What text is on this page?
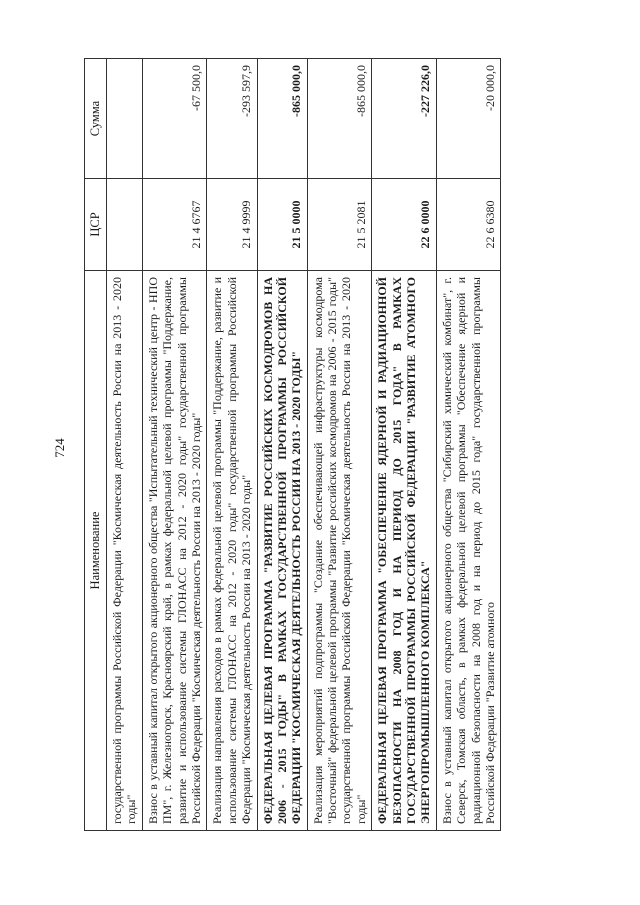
724
Наименование	ЦСР	Сумма
государственной программы Российской Федерации "Космическая деятельность России на 2013 - 2020 годы"		
Взнос в уставный капитал открытого акционерного общества "Испытательный технический центр - НПО ПМ", г. Железногорск, Красноярский край, в рамках федеральной целевой программы "Поддержание, развитие и использование системы ГЛОНАСС на 2012 - 2020 годы" государственной программы Российской Федерации "Космическая деятельность России на 2013 - 2020 годы"	21 4 6767	-67 500,0
Реализация направления расходов в рамках федеральной целевой программы "Поддержание, развитие и использование системы ГЛОНАСС на 2012 - 2020 годы" государственной программы Российской Федерации "Космическая деятельность России на 2013 - 2020 годы"	21 4 9999	-293 597,9
ФЕДЕРАЛЬНАЯ ЦЕЛЕВАЯ ПРОГРАММА "РАЗВИТИЕ РОССИЙСКИХ КОСМОДРОМОВ НА 2006 - 2015 ГОДЫ" В РАМКАХ ГОСУДАРСТВЕННОЙ ПРОГРАММЫ РОССИЙСКОЙ ФЕДЕРАЦИИ "КОСМИЧЕСКАЯ ДЕЯТЕЛЬНОСТЬ РОССИИ НА 2013 - 2020 ГОДЫ"	21 5 0000	-865 000,0
Реализация мероприятий подпрограммы "Создание обеспечивающей инфраструктуры космодрома "Восточный" федеральной целевой программы "Развитие российских космодромов на 2006 - 2015 годы" государственной программы Российской Федерации "Космическая деятельность России на 2013 - 2020 годы"	21 5 2081	-865 000,0
ФЕДЕРАЛЬНАЯ ЦЕЛЕВАЯ ПРОГРАММА "ОБЕСПЕЧЕНИЕ ЯДЕРНОЙ И РАДИАЦИОННОЙ БЕЗОПАСНОСТИ НА 2008 ГОД И НА ПЕРИОД ДО 2015 ГОДА" В РАМКАХ ГОСУДАРСТВЕННОЙ ПРОГРАММЫ РОССИЙСКОЙ ФЕДЕРАЦИИ "РАЗВИТИЕ АТОМНОГО ЭНЕРГОПРОМЫШЛЕННОГО КОМПЛЕКСА"	22 6 0000	-227 226,0
Взнос в уставный капитал открытого акционерного общества "Сибирский химический комбинат", г. Северск, Томская область, в рамках федеральной целевой программы "Обеспечение ядерной и радиационной безопасности на 2008 год и на период до 2015 года" государственной программы Российской Федерации "Развитие атомного	22 6 6380	-20 000,0
